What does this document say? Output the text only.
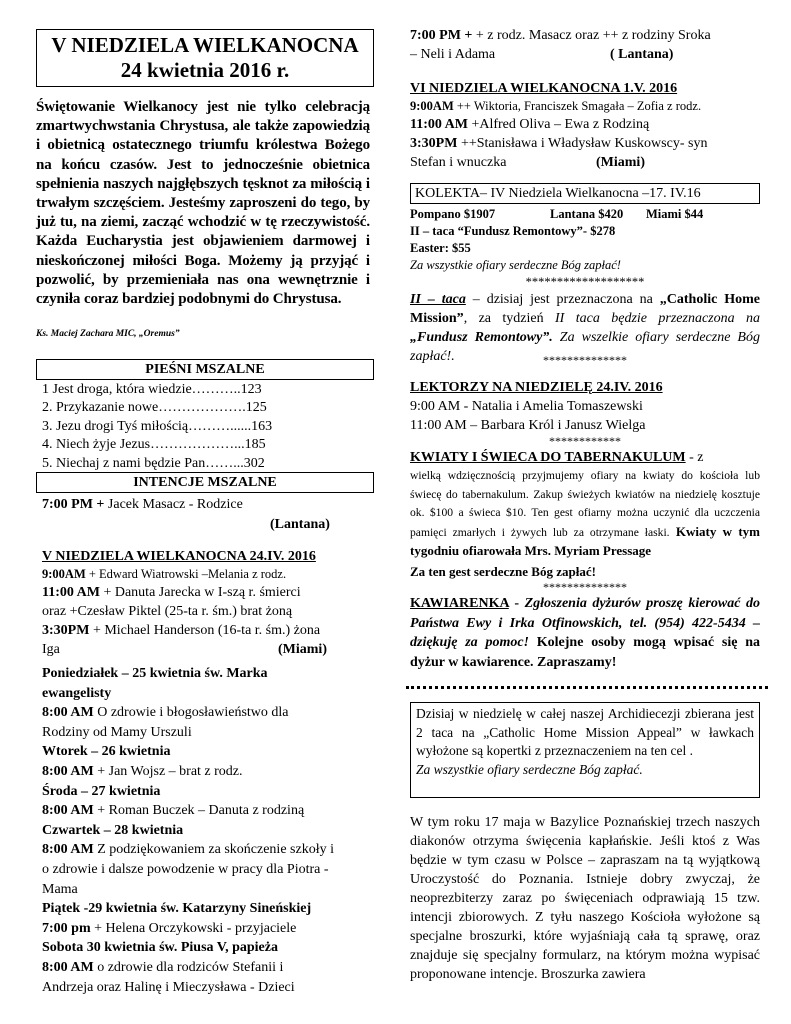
V NIEDZIELA WIELKANOCNA
24 kwietnia 2016 r.
Świętowanie Wielkanocy jest nie tylko celebracją zmartwychwstania Chrystusa, ale także zapowiedzią i obietnicą ostatecznego triumfu królestwa Bożego na końcu czasów. Jest to jednocześnie obietnica spełnienia naszych najgłębszych tęsknot za miłością i trwałym szczęściem. Jesteśmy zaproszeni do tego, by już tu, na ziemi, zacząć wchodzić w tę rzeczywistość. Każda Eucharystia jest objawieniem darmowej i nieskończonej miłości Boga. Możemy ją przyjąć i pozwolić, by przemieniała nas ona wewnętrznie i czyniła coraz bardziej podobnymi do Chrystusa.
Ks. Maciej Zachara MIC, „Oremus”
PIEŚNI MSZALNE
1 Jest droga, która wiedzie………..123
2. Przykazanie nowe……………….125
3. Jezu drogi Tyś miłością………......163
4. Niech żyje Jezus………………...185
5. Niechaj z nami będzie Pan……...302
INTENCJE MSZALNE
7:00 PM + Jacek Masacz - Rodzice
(Lantana)
V NIEDZIELA WIELKANOCNA 24.IV. 2016
9:00AM + Edward Wiatrowski –Melania z rodz.
11:00 AM + Danuta Jarecka w I-szą r. śmierci
oraz +Czesław Piktel (25-ta r. śm.) brat żoną
3:30PM + Michael Handerson (16-ta r. śm.) żona
Iga	(Miami)
Poniedziałek – 25 kwietnia św. Marka
ewangelisty
8:00 AM O zdrowie i błogosławieństwo dla
Rodziny od Mamy Urszuli
Wtorek – 26 kwietnia
8:00 AM + Jan Wojsz – brat z rodz.
Środa – 27 kwietnia
8:00 AM + Roman Buczek – Danuta z rodziną
Czwartek – 28 kwietnia
8:00 AM Z podziękowaniem za skończenie szkoły i
o zdrowie i dalsze powodzenie w pracy dla Piotra -
Mama
Piątek -29 kwietnia św. Katarzyny Sineńskiej
7:00 pm + Helena Orczykowski - przyjaciele
Sobota 30 kwietnia św. Piusa V, papieża
8:00 AM o zdrowie dla rodziców Stefanii i
Andrzeja oraz Halinę i Mieczysława - Dzieci
7:00 PM + + z rodz. Masacz oraz ++ z rodziny Sroka
– Neli i Adama	( Lantana)
VI NIEDZIELA WIELKANOCNA 1.V. 2016
9:00AM ++ Wiktoria, Franciszek Smagała – Zofia z rodz.
11:00 AM +Alfred Oliva – Ewa z Rodziną
3:30PM ++Stanisława i Władysław Kuskowscy- syn
Stefan i wnuczka	(Miami)
KOLEKTA– IV Niedziela Wielkanocna –17. IV.16
Pompano $1907	Lantana $420 Miami $44
II – taca “Fundusz Remontowy”- $278
Easter: $55
Za wszystkie ofiary serdeczne Bóg zapłać!
*******************
II – taca – dzisiaj jest przeznaczona na „Catholic Home Mission”, za tydzień II taca będzie przeznaczona na „Fundusz Remontowy”. Za wszelkie ofiary serdeczne Bóg zapłać!.	**************
LEKTORZY NA NIEDZIELĘ 24.IV. 2016
9:00 AM - Natalia i Amelia Tomaszewski
11:00 AM – Barbara Król i Janusz Wielga
************
KWIATY I ŚWIECA DO TABERNAKULUM - z
wielką wdzięcznością przyjmujemy ofiary na kwiaty do kościoła lub świecę do tabernakulum. Zakup świeżych kwiatów na niedzielę kosztuje ok. $100 a świeca $10. Ten gest ofiarny można uczynić dla uczczenia pamięci zmarłych i żywych lub za otrzymane łaski. Kwiaty w tym tygodniu ofiarowała Mrs. Myriam Pressage
Za ten gest serdeczne Bóg zapłać!
**************
KAWIARENKA - Zgłoszenia dyżurów proszę kierować do Państwa Ewy i Irka Otfinowskich, tel. (954) 422-5434 – dziękuję za pomoc! Kolejne osoby mogą wpisać się na dyżur w kawiarence. Zapraszamy!
Dzisiaj w niedzielę w całej naszej Archidiecezji zbierana jest 2 taca na „Catholic Home Mission Appeal” w ławkach wyłożone są kopertki z przeznaczeniem na ten cel .
Za wszystkie ofiary serdeczne Bóg zapłać.
W tym roku 17 maja w Bazylice Poznańskiej trzech naszych diakonów otrzyma święcenia kapłańskie. Jeśli ktoś z Was będzie w tym czasu w Polsce – zapraszam na tą wyjątkową Uroczystość do Poznania. Istnieje dobry zwyczaj, że neoprezbiterzy zaraz po święceniach odprawiają 15 tzw. intencji zbiorowych. Z tyłu naszego Kościoła wyłożone są specjalne broszurki, które wyjaśniają cała tą sprawę, oraz znajduje się specjalny formularz, na którym można wypisać proponowane intencje. Broszurka zawiera
